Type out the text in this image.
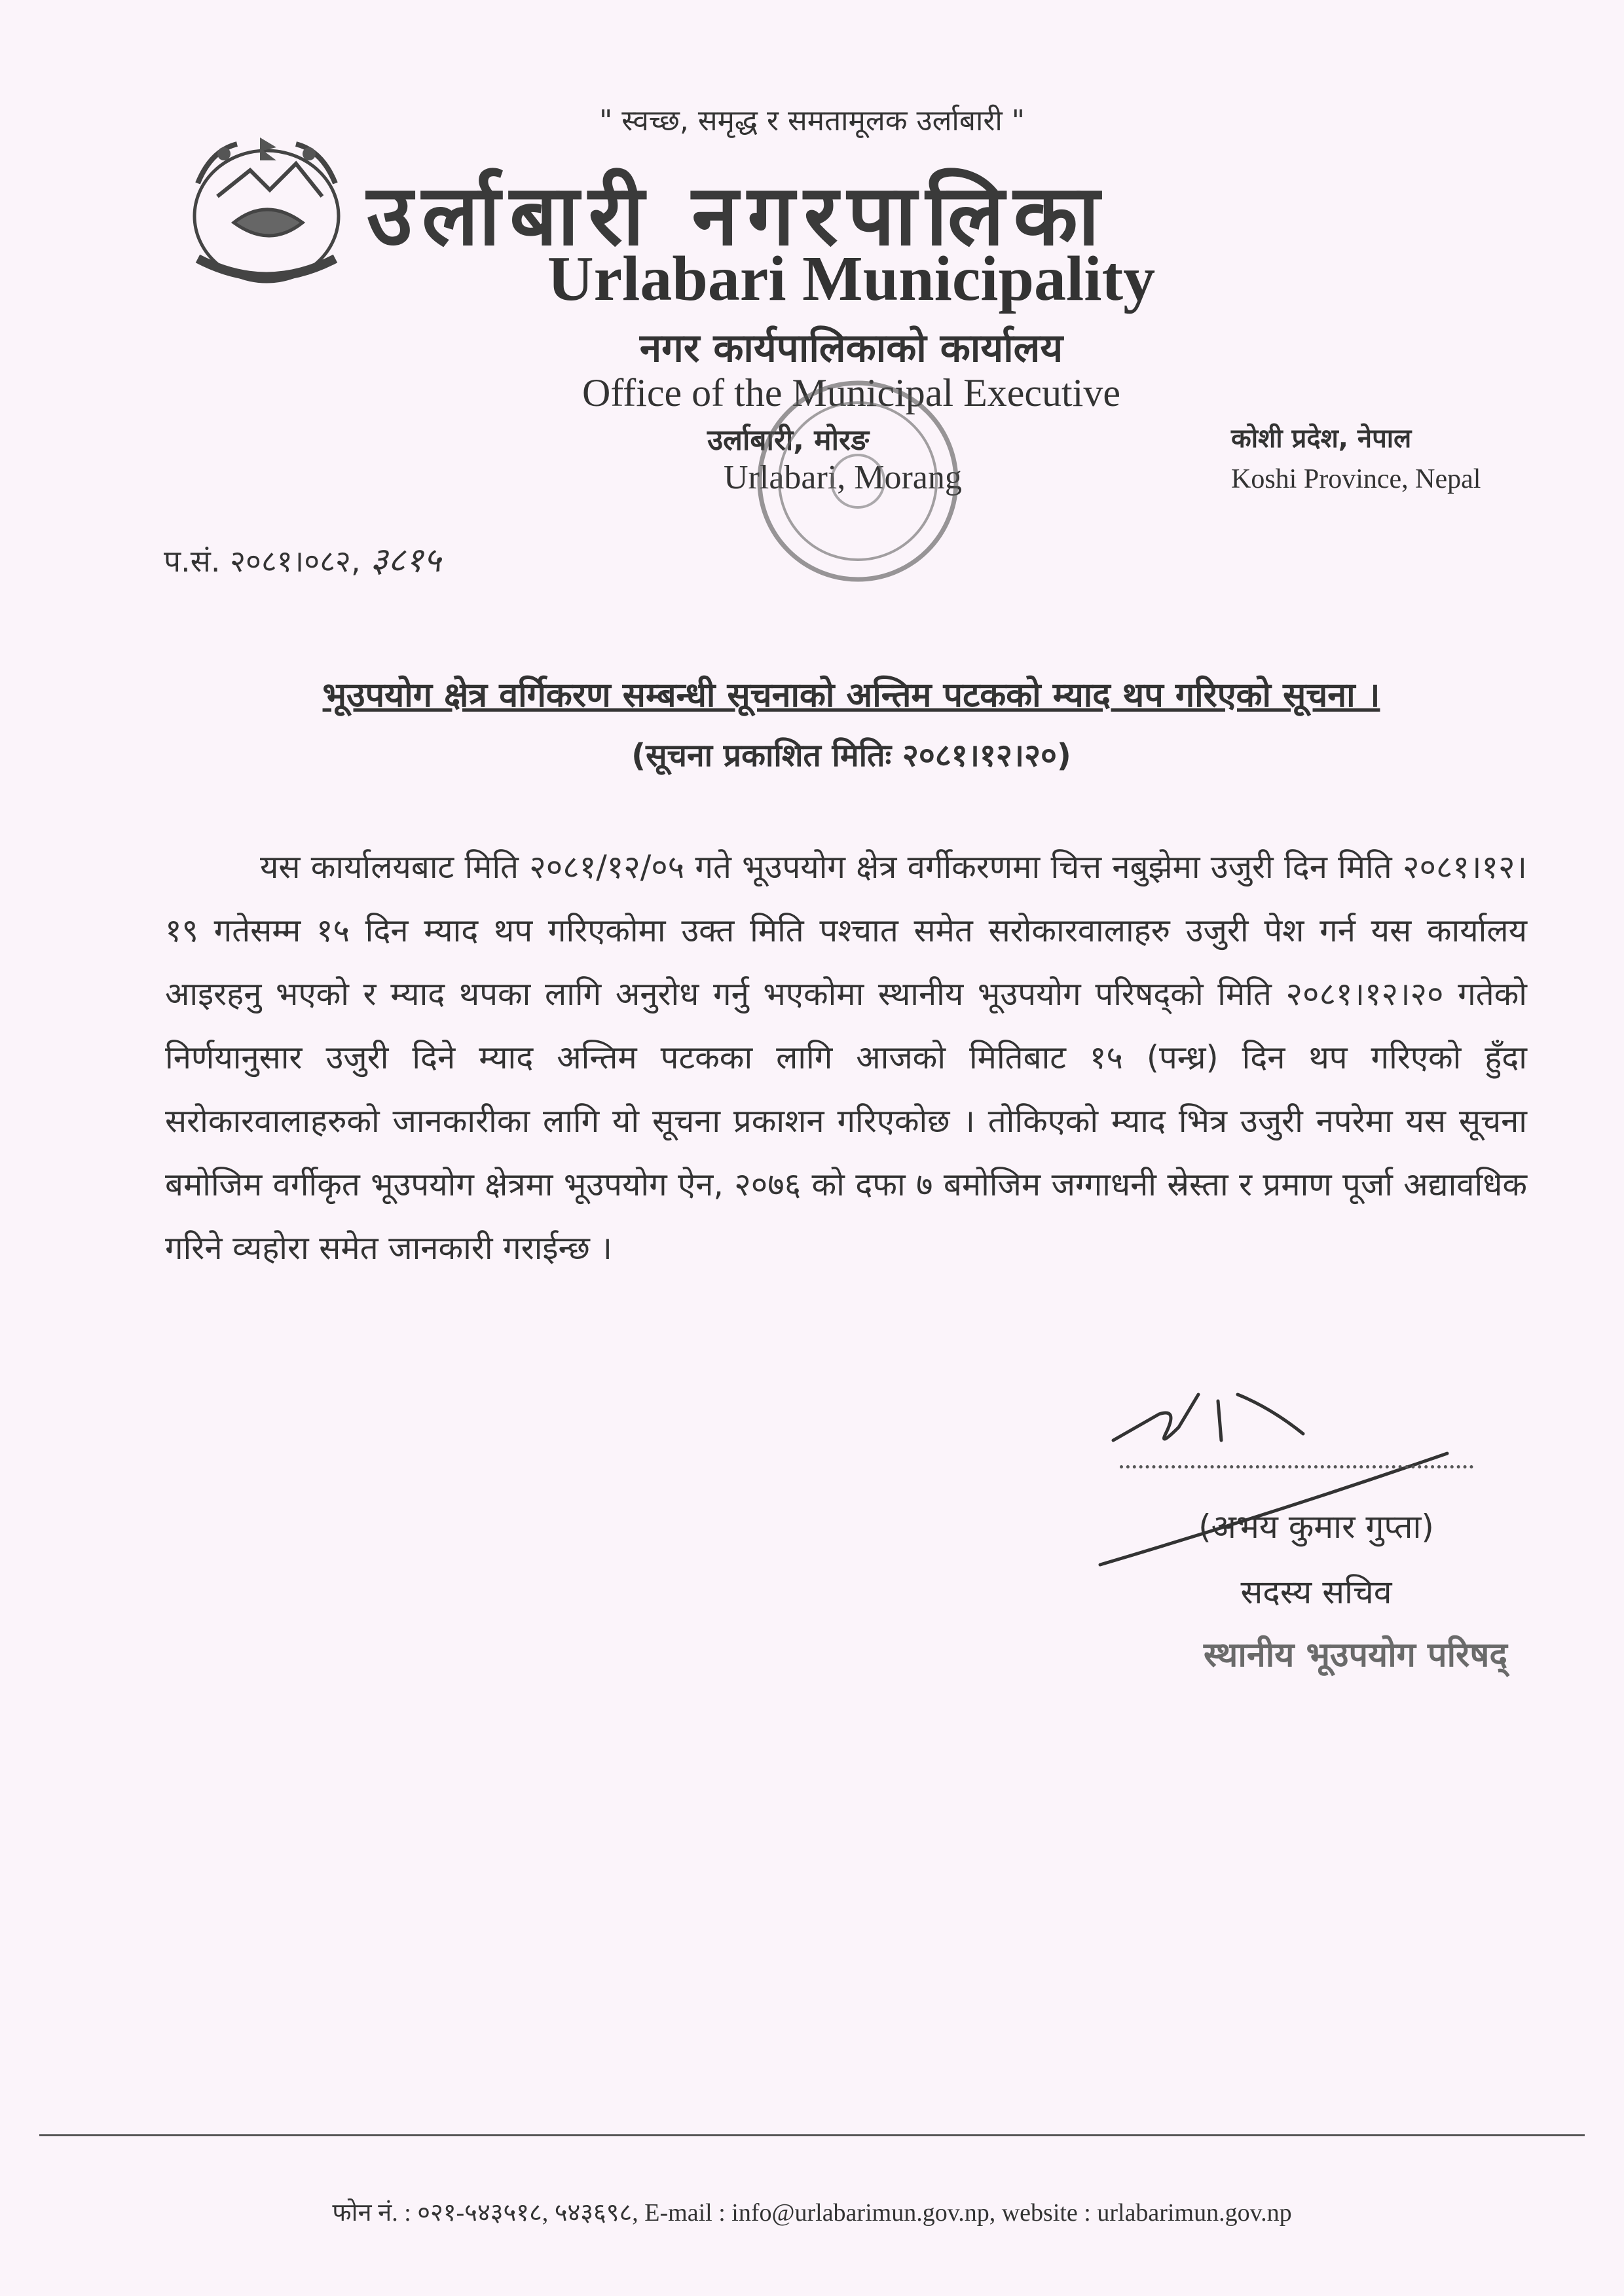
" स्वच्छ, समृद्ध र समतामूलक उर्लाबारी "
उर्लाबारी नगरपालिका
Urlabari Municipality
नगर कार्यपालिकाको कार्यालय
Office of the Municipal Executive
उर्लाबारी, मोरङ
Urlabari, Morang
कोशी प्रदेश, नेपाल
Koshi Province, Nepal
प.सं. २०८१।०८२, ३८१५
भूउपयोग क्षेत्र वर्गिकरण सम्बन्धी सूचनाको अन्तिम पटकको म्याद थप गरिएको सूचना ।
(सूचना प्रकाशित मितिः २०८१।१२।२०)
यस कार्यालयबाट मिति २०८१/१२/०५ गते भूउपयोग क्षेत्र वर्गीकरणमा चित्त नबुझेमा उजुरी दिन मिति २०८१।१२।१९ गतेसम्म १५ दिन म्याद थप गरिएकोमा उक्त मिति पश्चात समेत सरोकारवालाहरु उजुरी पेश गर्न यस कार्यालय आइरहनु भएको र म्याद थपका लागि अनुरोध गर्नु भएकोमा स्थानीय भूउपयोग परिषद्को मिति २०८१।१२।२० गतेको निर्णयानुसार उजुरी दिने म्याद अन्तिम पटकका लागि आजको मितिबाट १५ (पन्ध्र) दिन थप गरिएको हुँदा सरोकारवालाहरुको जानकारीका लागि यो सूचना प्रकाशन गरिएकोछ । तोकिएको म्याद भित्र उजुरी नपरेमा यस सूचना बमोजिम वर्गीकृत भूउपयोग क्षेत्रमा भूउपयोग ऐन, २०७६ को दफा ७ बमोजिम जग्गाधनी स्रेस्ता र प्रमाण पूर्जा अद्यावधिक गरिने व्यहोरा समेत जानकारी गराईन्छ ।
(अभय कुमार गुप्ता)
सदस्य सचिव
स्थानीय भूउपयोग परिषद्
फोन नं. : ०२१-५४३५१८, ५४३६९८, E-mail : info@urlabarimun.gov.np, website : urlabarimun.gov.np
